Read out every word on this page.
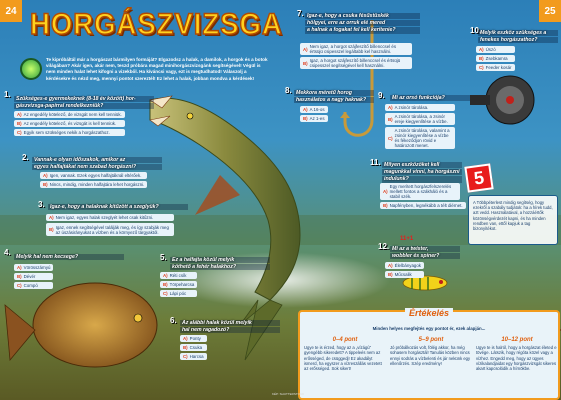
24	25
HORGÁSZVIZSGA
Te kipróbáltál már a horgászat bármilyen formáját? Elgazodsz a halak, a damilok, a horgok és a botok világában? Akár igen, akár nem, teszd próbára magad minihorgászvizsgánk segítségével! Végül is nem minden halat lehet kifogni a vizekből. Ha kíváncsi vagy, ezt is megtudhatod! Válaszolj a kérdésekre és nézd meg, mennyi pontot szereztél! Ez lehet a halak, jobban mondva a kérdések!
1.	Szükséges-e gyermekeknek (8-18 év között) hor-
gászvizsga-papírral rendelkezniük?
A) Az engedély kötelező, de vizsgát nem kell tenniük.
B) Az engedély kötelező, és vizsgát is kell tenniük.
C) Egyik sem szükséges nekik a horgászathoz.
2.	Vannak-e olyan időszakok, amikor az
egyes halfajtákat nem szabad horgászni?
A) Igen, vannak. Ezek egyes halfajtáknál eltérőek.
B) Nincs, mindig, minden halfajtára lehet horgászni.
3.	Igaz-e, hogy a halaknak kitűzött a szeglyük?
A) Nem igaz, egyes halak szeglyét lehet csak kitűzni.
B) Igaz, ennek segítségével találják meg, és így szabják meg az úszásirányukat a vízben és a környező tárgyaktól.
4.	Melyik hal nem kecsege?
A) Vörösszárnyú
B) Dévér
C) Compó
5.	Ez a halfajta közül melyik
köthető a fehér halakhoz?
A) Réti csík
B) Törpeharcsa
C) Lápi póc
6.	Az alábbi halak közül melyik
hal nem ragadozó?
A) Ponty
B) Csuka
C) Harcsa
7. Igaz-e, hogy a csuka fésűstüskék
hölgyei, erre az orruk elé mered
a halnak a fogakat fel kell kerítenie?
A) Nem igaz, a horgot szájfeszítő ​​billenccsel és értsüjü csipesszel legáltabb kel használni.
B) Igaz, a horgot szájfeszítő billenccsel és értsüjü csipesszel segítségével kell használni.
8. Mekkora méretű horog
használatos a nagy haknak?
A) A 16-os
B) Az 1-es
9.	Mi az orsó funkciója?
A) A zsinór tárolása.
B) A zsinór tárolása, a zsinór ereje kiegyenlítése a vízbe.
C)
A zsinór tárolása, valamint a zsinór kiegyenlítése a vízbe és fékeződjon rövid e határozott menet.
10.
Melyik eszköz szükséges a
fenekes horgászathoz?
A) Úszó
B) Zsebkamra
C) Feeder kosár
11. Milyen eszközöket kell
magunkkal vinni, ha horgászni
indulunk?
A)
Egy merített horgászfelszerelés mellett fontos a szákháló és a stabil szék.
B) Napfényben, legnékább a télt diérnet.
11+1
12. Mi az a twister,
wobbler és spiner?
A) Élelbányagok
B) Műcsalik
5
A Többpéterlest mindig segítség, hogy ezekről a szabály tudjátok: ha a hírek tudd, azt vedd. Használatával, a hozzáértők közönségvérdezét kapni, és ha minden rendben van, ettől kapjuk a tag bizonyítékot.
Értékelés
Minden helyes megfejtés egy pontot ér, ezek alapján...
0–4 pont
Ugye te is érzed, hogy az a „vízágú” gyengébb sikeredett? A tippeleés nem az erősséged, de csüggedj! Ez akadályt ismerd, ha egyszer a vízreszállás vezetett az erősséged. Sok sikert!
5–9 pont
Jó próbálkozás volt, fölég akkor, ha még sohasem horgásztál! Tanulás közben nincs ennyi sodrás a vízbelenti és jár nekünk egy ellenőrzés. Szép eredmény!
10–12 pont
Ugye te is halról, hogy a horgászat életed e tövége. Látszik, hogy régóta közel vagy a vízhez. Engedd meg, hogy az ügyes vízikalandjaidat egy horgászvizsgát sikeres akart kapcsolódik a hírnökbe.
KÉP: SHUTTERSTOCK
